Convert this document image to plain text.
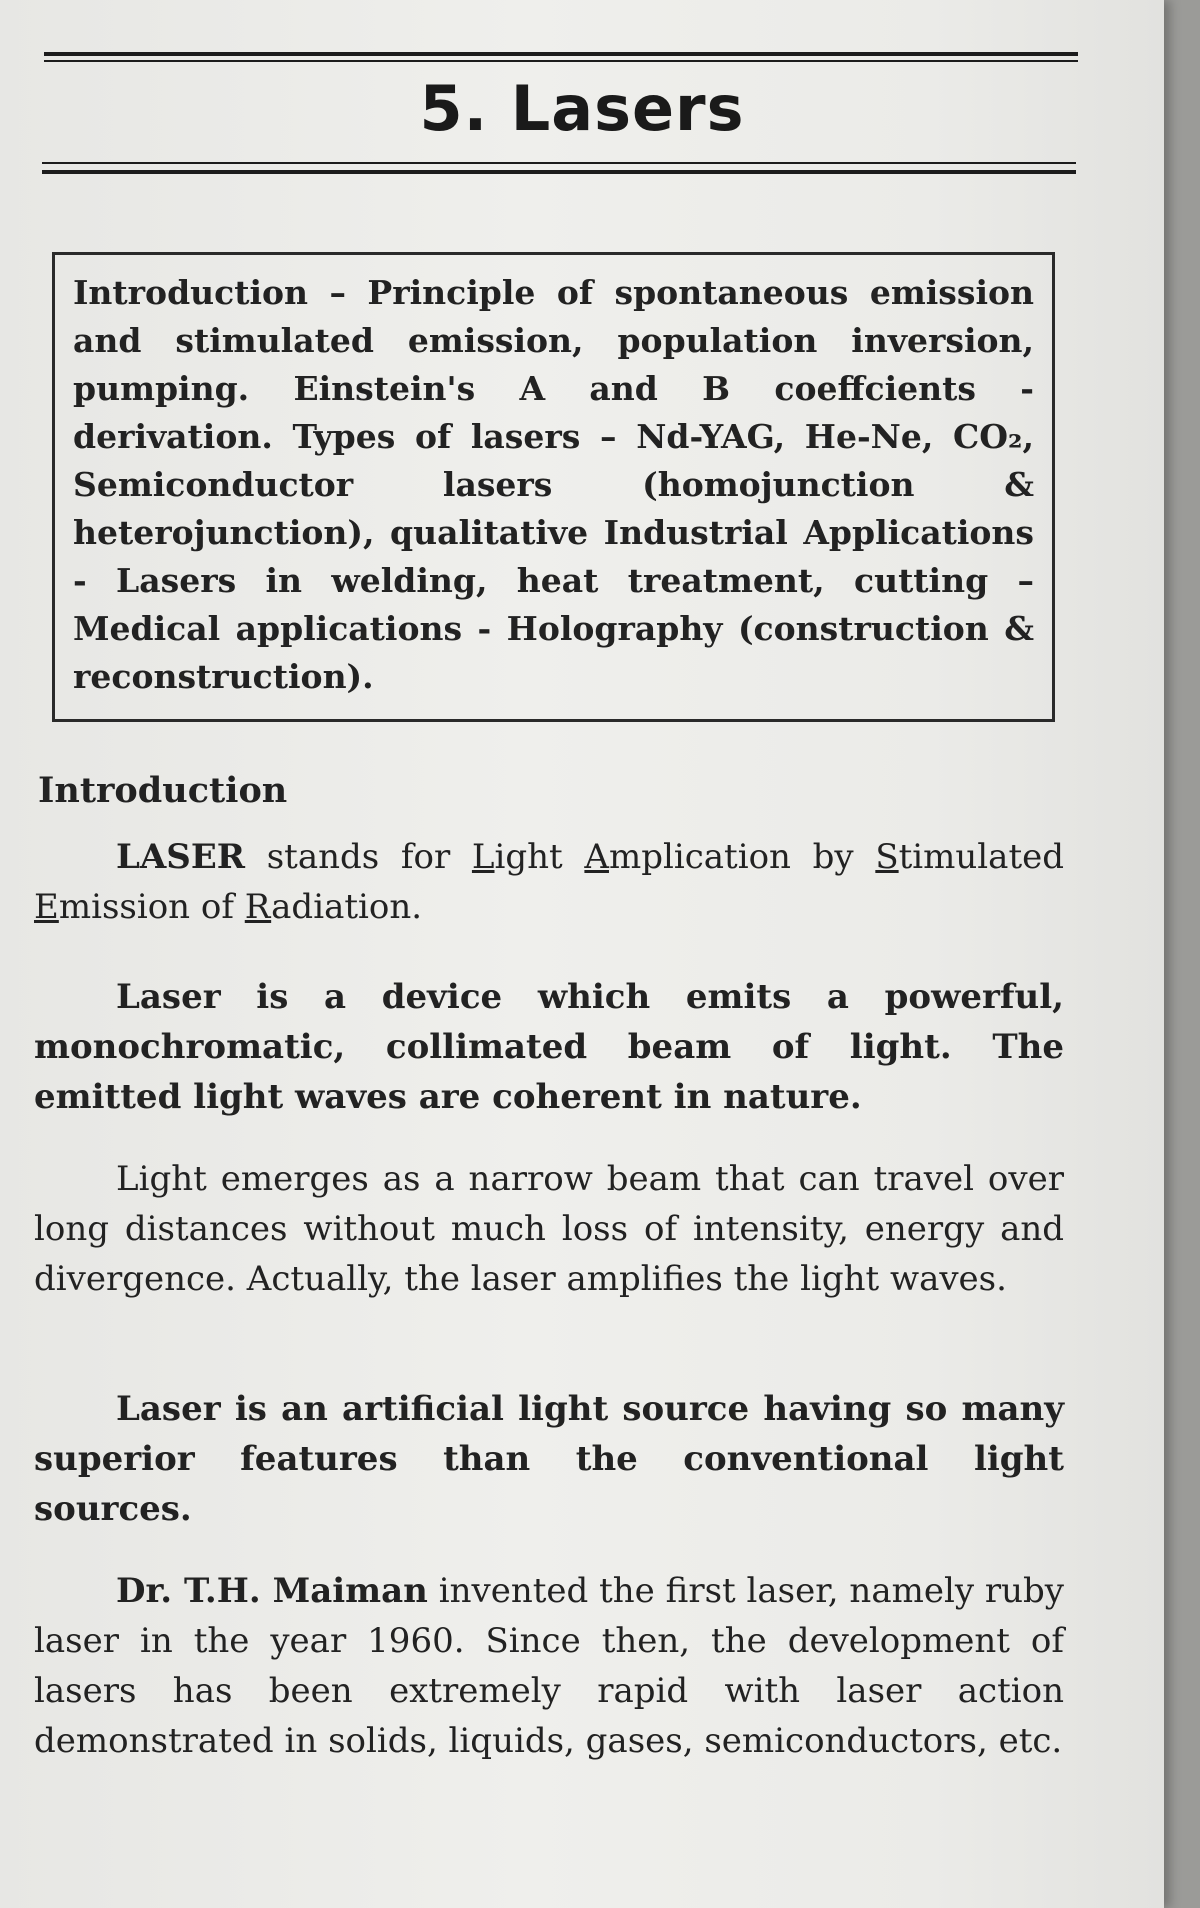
5. Lasers

Introduction – Principle of spontaneous emission and stimulated emission, population inversion, pumping. Einstein's A and B coeffcients - derivation. Types of lasers – Nd-YAG, He-Ne, CO₂, Semiconductor lasers (homojunction & heterojunction), qualitative Industrial Applications - Lasers in welding, heat treatment, cutting – Medical applications - Holography (construction & reconstruction).

Introduction

LASER stands for Light Amplication by Stimulated Emission of Radiation.

Laser is a device which emits a powerful, monochromatic, collimated beam of light. The emitted light waves are coherent in nature.

Light emerges as a narrow beam that can travel over long distances without much loss of intensity, energy and divergence. Actually, the laser amplifies the light waves.

Laser is an artificial light source having so many superior features than the conventional light sources.

Dr. T.H. Maiman invented the first laser, namely ruby laser in the year 1960. Since then, the development of lasers has been extremely rapid with laser action demonstrated in solids, liquids, gases, semiconductors, etc.
